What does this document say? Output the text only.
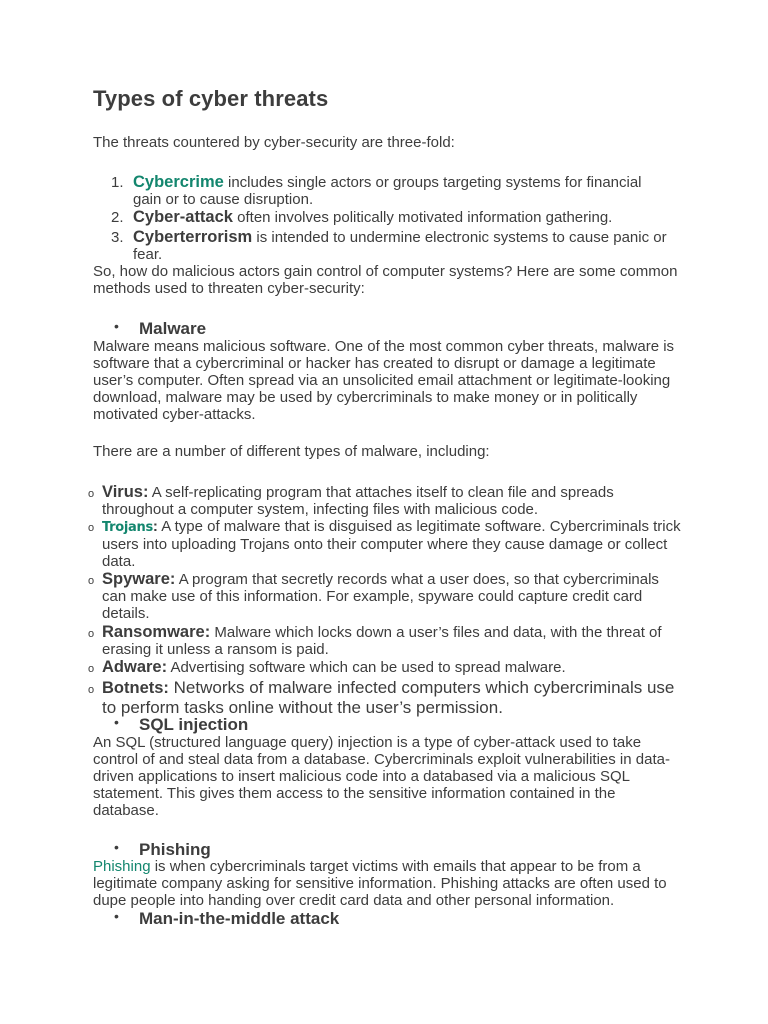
Types of cyber threats

The threats countered by cyber-security are three-fold:

1. Cybercrime includes single actors or groups targeting systems for financial gain or to cause disruption.
2. Cyber-attack often involves politically motivated information gathering.
3. Cyberterrorism is intended to undermine electronic systems to cause panic or fear.

So, how do malicious actors gain control of computer systems? Here are some common methods used to threaten cyber-security:

• Malware

Malware means malicious software. One of the most common cyber threats, malware is software that a cybercriminal or hacker has created to disrupt or damage a legitimate user’s computer. Often spread via an unsolicited email attachment or legitimate-looking download, malware may be used by cybercriminals to make money or in politically motivated cyber-attacks.

There are a number of different types of malware, including:

o Virus: A self-replicating program that attaches itself to clean file and spreads throughout a computer system, infecting files with malicious code.
o Trojans: A type of malware that is disguised as legitimate software. Cybercriminals trick users into uploading Trojans onto their computer where they cause damage or collect data.
o Spyware: A program that secretly records what a user does, so that cybercriminals can make use of this information. For example, spyware could capture credit card details.
o Ransomware: Malware which locks down a user’s files and data, with the threat of erasing it unless a ransom is paid.
o Adware: Advertising software which can be used to spread malware.
o Botnets: Networks of malware infected computers which cybercriminals use to perform tasks online without the user’s permission.
• SQL injection

An SQL (structured language query) injection is a type of cyber-attack used to take control of and steal data from a database. Cybercriminals exploit vulnerabilities in data-driven applications to insert malicious code into a databased via a malicious SQL statement. This gives them access to the sensitive information contained in the database.

• Phishing

Phishing is when cybercriminals target victims with emails that appear to be from a legitimate company asking for sensitive information. Phishing attacks are often used to dupe people into handing over credit card data and other personal information.

• Man-in-the-middle attack
